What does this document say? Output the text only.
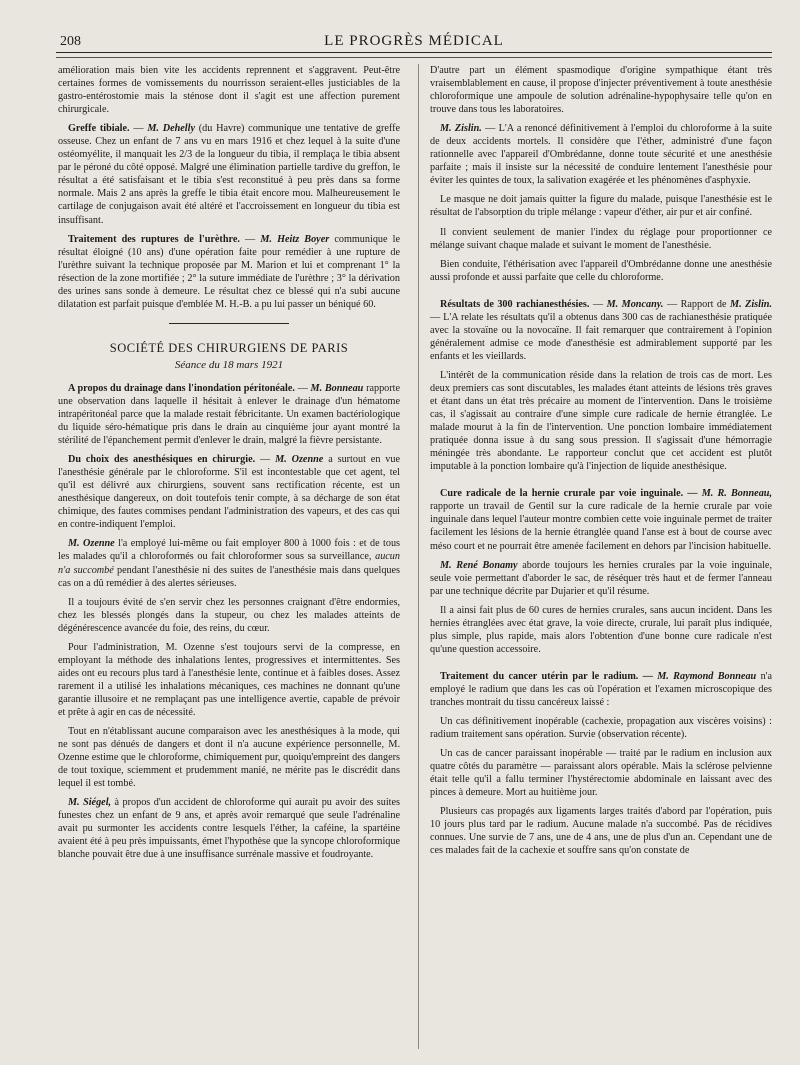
208	LE PROGRÈS MÉDICAL

amélioration mais bien vite les accidents reprennent et s'aggravent. Peut-être certaines formes de vomissements du nourrisson seraient-elles justiciables de la gastro-entérostomie mais la sténose dont il s'agit est une affection purement chirurgicale.

Greffe tibiale. — M. Dehelly (du Havre) communique une tentative de greffe osseuse. Chez un enfant de 7 ans vu en mars 1916 et chez lequel à la suite d'une ostéomyélite, il manquait les 2/3 de la longueur du tibia, il remplaça le tibia absent par le péroné du côté opposé. Malgré une élimination partielle tardive du greffon, le résultat a été satisfaisant et le tibia s'est reconstitué à peu près dans sa forme normale. Mais 2 ans après la greffe le tibia était encore mou. Malheureusement le cartilage de conjugaison avait été altéré et l'accroissement en longueur du tibia est insuffisant.

Traitement des ruptures de l'urèthre. — M. Heitz Boyer communique le résultat éloigné (10 ans) d'une opération faite pour remédier à une rupture de l'urèthre suivant la technique proposée par M. Marion et lui et comprenant 1° la résection de la zone mortifiée ; 2° la suture immédiate de l'urèthre ; 3° la dérivation des urines sans sonde à demeure. Le résultat chez ce blessé qui n'a subi aucune dilatation est parfait puisque d'emblée M. H.-B. a pu lui passer un béniqué 60.

SOCIÉTÉ DES CHIRURGIENS DE PARIS
Séance du 18 mars 1921

A propos du drainage dans l'inondation péritonéale. — M. Bonneau rapporte une observation dans laquelle il hésitait à enlever le drainage d'un hématome intrapéritonéal parce que la malade restait fébricitante. Un examen bactériologique du liquide séro-hématique pris dans le drain au cinquième jour ayant montré la stérilité de l'épanchement permit d'enlever le drain, malgré la fièvre persistante.

Du choix des anesthésiques en chirurgie. — M. Ozenne a surtout en vue l'anesthésie générale par le chloroforme. S'il est incontestable que cet agent, tel qu'il est délivré aux chirurgiens, souvent sans rectification récente, est un anesthésique dangereux, on doit toutefois tenir compte, à sa décharge de son état chimique, des fautes commises pendant l'administration des vapeurs, et des cas qui en contre-indiquent l'emploi.

M. Ozenne l'a employé lui-même ou fait employer 800 à 1000 fois : et de tous les malades qu'il a chloroformés ou fait chloroformer sous sa surveillance, aucun n'a succombé pendant l'anesthésie ni des suites de l'anesthésie mais dans quelques cas on a dû remédier à des alertes sérieuses.

Il a toujours évité de s'en servir chez les personnes craignant d'être endormies, chez les blessés plongés dans la stupeur, ou chez les malades atteints de dégénérescence avancée du foie, des reins, du cœur.

Pour l'administration, M. Ozenne s'est toujours servi de la compresse, en employant la méthode des inhalations lentes, progressives et intermittentes. Ses aides ont eu recours plus tard à l'anesthésie lente, continue et à faibles doses. Assez rarement il a utilisé les inhalations mécaniques, ces machines ne donnant qu'une garantie illusoire et ne remplaçant pas une intelligence avertie, capable de prévoir et prête à agir en cas de nécessité.

Tout en n'établissant aucune comparaison avec les anesthésiques à la mode, qui ne sont pas dénués de dangers et dont il n'a aucune expérience personnelle, M. Ozenne estime que le chloroforme, chimiquement pur, quoiqu'empreint des dangers de tout toxique, sciemment et prudemment manié, ne mérite pas le discrédit dans lequel il est tombé.

M. Siégel, à propos d'un accident de chloroforme qui aurait pu avoir des suites funestes chez un enfant de 9 ans, et après avoir remarqué que seule l'adrénaline avait pu surmonter les accidents contre lesquels l'éther, la caféine, la spartéine avaient été à peu près impuissants, émet l'hypothèse que la syncope chloroformique blanche pouvait être due à une insuffisance surrénale massive et foudroyante.

D'autre part un élément spasmodique d'origine sympathique étant très vraisemblablement en cause, il propose d'injecter préventivement à toute anesthésie chloroformique une ampoule de solution adrénaline-hypophysaire telle qu'on en trouve dans tous les laboratoires.

M. Zislin. — L'A a renoncé définitivement à l'emploi du chloroforme à la suite de deux accidents mortels. Il considère que l'éther, administré d'une façon rationnelle avec l'appareil d'Ombrédanne, donne toute sécurité et une anesthésie parfaite ; mais il insiste sur la nécessité de conduire lentement l'anesthésie pour éviter les quintes de toux, la salivation exagérée et les phénomènes d'asphyxie.

Le masque ne doit jamais quitter la figure du malade, puisque l'anesthésie est le résultat de l'absorption du triple mélange : vapeur d'éther, air pur et air confiné.

Il convient seulement de manier l'index du réglage pour proportionner ce mélange suivant chaque malade et suivant le moment de l'anesthésie.

Bien conduite, l'éthérisation avec l'appareil d'Ombrédanne donne une anesthésie aussi profonde et aussi parfaite que celle du chloroforme.

Résultats de 300 rachianesthésies. — M. Moncany. — Rapport de M. Zislin. — L'A relate les résultats qu'il a obtenus dans 300 cas de rachianesthésie pratiquée avec la stovaïne ou la novocaïne. Il fait remarquer que contrairement à l'opinion généralement admise ce mode d'anesthésie est admirablement supporté par les enfants et les vieillards.

L'intérêt de la communication réside dans la relation de trois cas de mort. Les deux premiers cas sont discutables, les malades étant atteints de lésions très graves et étant dans un état très précaire au moment de l'intervention. Dans le troisième cas, il s'agissait au contraire d'une simple cure radicale de hernie étranglée. Le malade mourut à la fin de l'intervention. Une ponction lombaire immédiatement pratiquée donna issue à du sang sous pression. Il s'agissait d'une hémorragie méningée très abondante. Le rapporteur conclut que cet accident est plutôt imputable à la ponction lombaire qu'à l'injection de liquide anesthésique.

Cure radicale de la hernie crurale par voie inguinale. — M. R. Bonneau, rapporte un travail de Gentil sur la cure radicale de la hernie crurale par voie inguinale dans lequel l'auteur montre combien cette voie inguinale permet de traiter facilement les lésions de la hernie étranglée quand l'anse est à bout de course avec méso court et ne pourrait être amenée facilement en dehors par l'incision habituelle.

M. René Bonamy aborde toujours les hernies crurales par la voie inguinale, seule voie permettant d'aborder le sac, de réséquer très haut et de fermer l'anneau par une technique décrite par Dujarier et qu'il résume.

Il a ainsi fait plus de 60 cures de hernies crurales, sans aucun incident. Dans les hernies étranglées avec état grave, la voie directe, crurale, lui paraît plus indiquée, plus simple, plus rapide, mais alors l'obtention d'une bonne cure radicale n'est qu'une question accessoire.

Traitement du cancer utérin par le radium. — M. Raymond Bonneau n'a employé le radium que dans les cas où l'opération et l'examen microscopique des tranches montrait du tissu cancéreux laissé :

Un cas définitivement inopérable (cachexie, propagation aux viscères voisins) : radium traitement sans opération. Survie (observation récente).

Un cas de cancer paraissant inopérable — traité par le radium en inclusion aux quatre côtés du paramètre — paraissant alors opérable. Mais la sclérose pelvienne était telle qu'il a fallu terminer l'hystérectomie abdominale en laissant avec des pinces à demeure. Mort au huitième jour.

Plusieurs cas propagés aux ligaments larges traités d'abord par l'opération, puis 10 jours plus tard par le radium. Aucune malade n'a succombé. Pas de récidives connues. Une survie de 7 ans, une de 4 ans, une de plus d'un an. Cependant une de ces malades fait de la cachexie et souffre sans qu'on constate de
